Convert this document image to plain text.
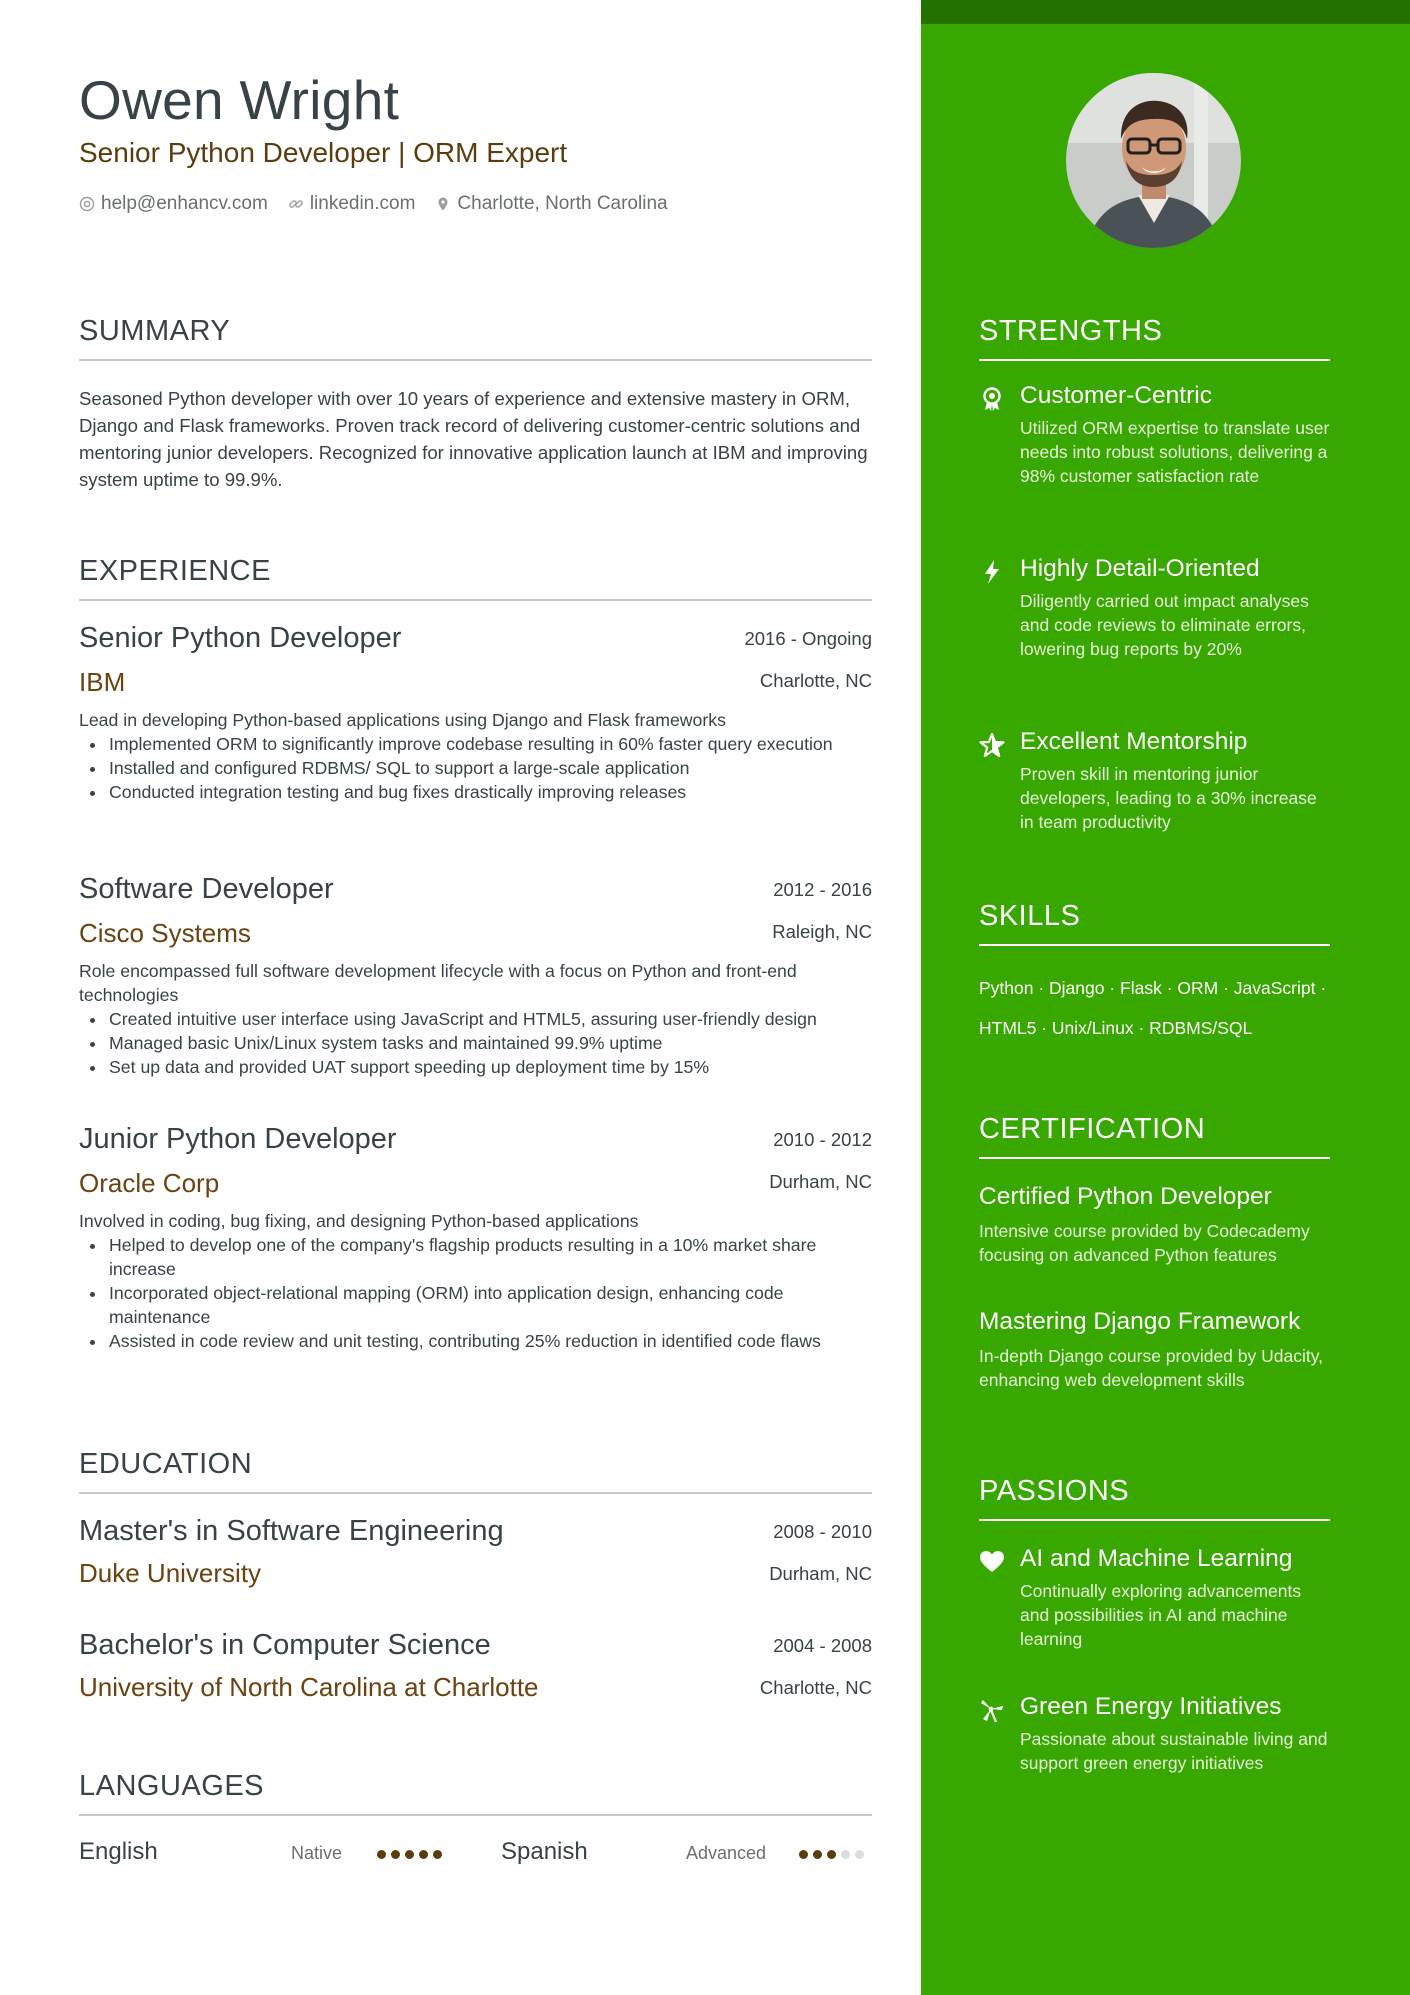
Owen Wright
Senior Python Developer | ORM Expert
help@enhancv.com linkedin.com Charlotte, North Carolina
SUMMARY
Seasoned Python developer with over 10 years of experience and extensive mastery in ORM, Django and Flask frameworks. Proven track record of delivering customer-centric solutions and mentoring junior developers. Recognized for innovative application launch at IBM and improving system uptime to 99.9%.
EXPERIENCE
Senior Python Developer	2016 - Ongoing
IBM	Charlotte, NC
Lead in developing Python-based applications using Django and Flask frameworks
• Implemented ORM to significantly improve codebase resulting in 60% faster query execution
• Installed and configured RDBMS/ SQL to support a large-scale application
• Conducted integration testing and bug fixes drastically improving releases
Software Developer	2012 - 2016
Cisco Systems	Raleigh, NC
Role encompassed full software development lifecycle with a focus on Python and front-end technologies
• Created intuitive user interface using JavaScript and HTML5, assuring user-friendly design
• Managed basic Unix/Linux system tasks and maintained 99.9% uptime
• Set up data and provided UAT support speeding up deployment time by 15%
Junior Python Developer	2010 - 2012
Oracle Corp	Durham, NC
Involved in coding, bug fixing, and designing Python-based applications
• Helped to develop one of the company's flagship products resulting in a 10% market share increase
• Incorporated object-relational mapping (ORM) into application design, enhancing code maintenance
• Assisted in code review and unit testing, contributing 25% reduction in identified code flaws
EDUCATION
Master's in Software Engineering	2008 - 2010
Duke University	Durham, NC
Bachelor's in Computer Science	2004 - 2008
University of North Carolina at Charlotte	Charlotte, NC
LANGUAGES
English	Native	Spanish	Advanced
STRENGTHS
Customer-Centric
Utilized ORM expertise to translate user needs into robust solutions, delivering a 98% customer satisfaction rate
Highly Detail-Oriented
Diligently carried out impact analyses and code reviews to eliminate errors, lowering bug reports by 20%
Excellent Mentorship
Proven skill in mentoring junior developers, leading to a 30% increase in team productivity
SKILLS
Python · Django · Flask · ORM · JavaScript · HTML5 · Unix/Linux · RDBMS/SQL
CERTIFICATION
Certified Python Developer
Intensive course provided by Codecademy focusing on advanced Python features
Mastering Django Framework
In-depth Django course provided by Udacity, enhancing web development skills
PASSIONS
AI and Machine Learning
Continually exploring advancements and possibilities in AI and machine learning
Green Energy Initiatives
Passionate about sustainable living and support green energy initiatives
